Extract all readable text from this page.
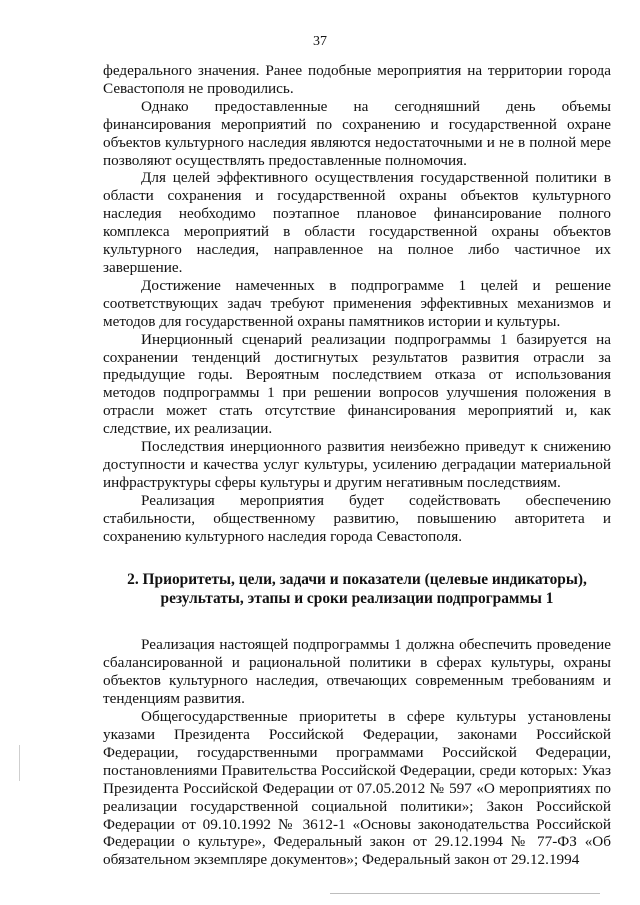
37

федерального значения. Ранее подобные мероприятия на территории города Севастополя не проводились.

Однако предоставленные на сегодняшний день объемы финансирования мероприятий по сохранению и государственной охране объектов культурного наследия являются недостаточными и не в полной мере позволяют осуществлять предоставленные полномочия.

Для целей эффективного осуществления государственной политики в области сохранения и государственной охраны объектов культурного наследия необходимо поэтапное плановое финансирование полного комплекса мероприятий в области государственной охраны объектов культурного наследия, направленное на полное либо частичное их завершение.

Достижение намеченных в подпрограмме 1 целей и решение соответствующих задач требуют применения эффективных механизмов и методов для государственной охраны памятников истории и культуры.

Инерционный сценарий реализации подпрограммы 1 базируется на сохранении тенденций достигнутых результатов развития отрасли за предыдущие годы. Вероятным последствием отказа от использования методов подпрограммы 1 при решении вопросов улучшения положения в отрасли может стать отсутствие финансирования мероприятий и, как следствие, их реализации.

Последствия инерционного развития неизбежно приведут к снижению доступности и качества услуг культуры, усилению деградации материальной инфраструктуры сферы культуры и другим негативным последствиям.

Реализация мероприятия будет содействовать обеспечению стабильности, общественному развитию, повышению авторитета и сохранению культурного наследия города Севастополя.

2. Приоритеты, цели, задачи и показатели (целевые индикаторы),
результаты, этапы и сроки реализации подпрограммы 1

Реализация настоящей подпрограммы 1 должна обеспечить проведение сбалансированной и рациональной политики в сферах культуры, охраны объектов культурного наследия, отвечающих современным требованиям и тенденциям развития.

Общегосударственные приоритеты в сфере культуры установлены указами Президента Российской Федерации, законами Российской Федерации, государственными программами Российской Федерации, постановлениями Правительства Российской Федерации, среди которых: Указ Президента Российской Федерации от 07.05.2012 № 597 «О мероприятиях по реализации государственной социальной политики»; Закон Российской Федерации от 09.10.1992 № 3612-1 «Основы законодательства Российской Федерации о культуре», Федеральный закон от 29.12.1994 № 77-ФЗ «Об обязательном экземпляре документов»; Федеральный закон от 29.12.1994
